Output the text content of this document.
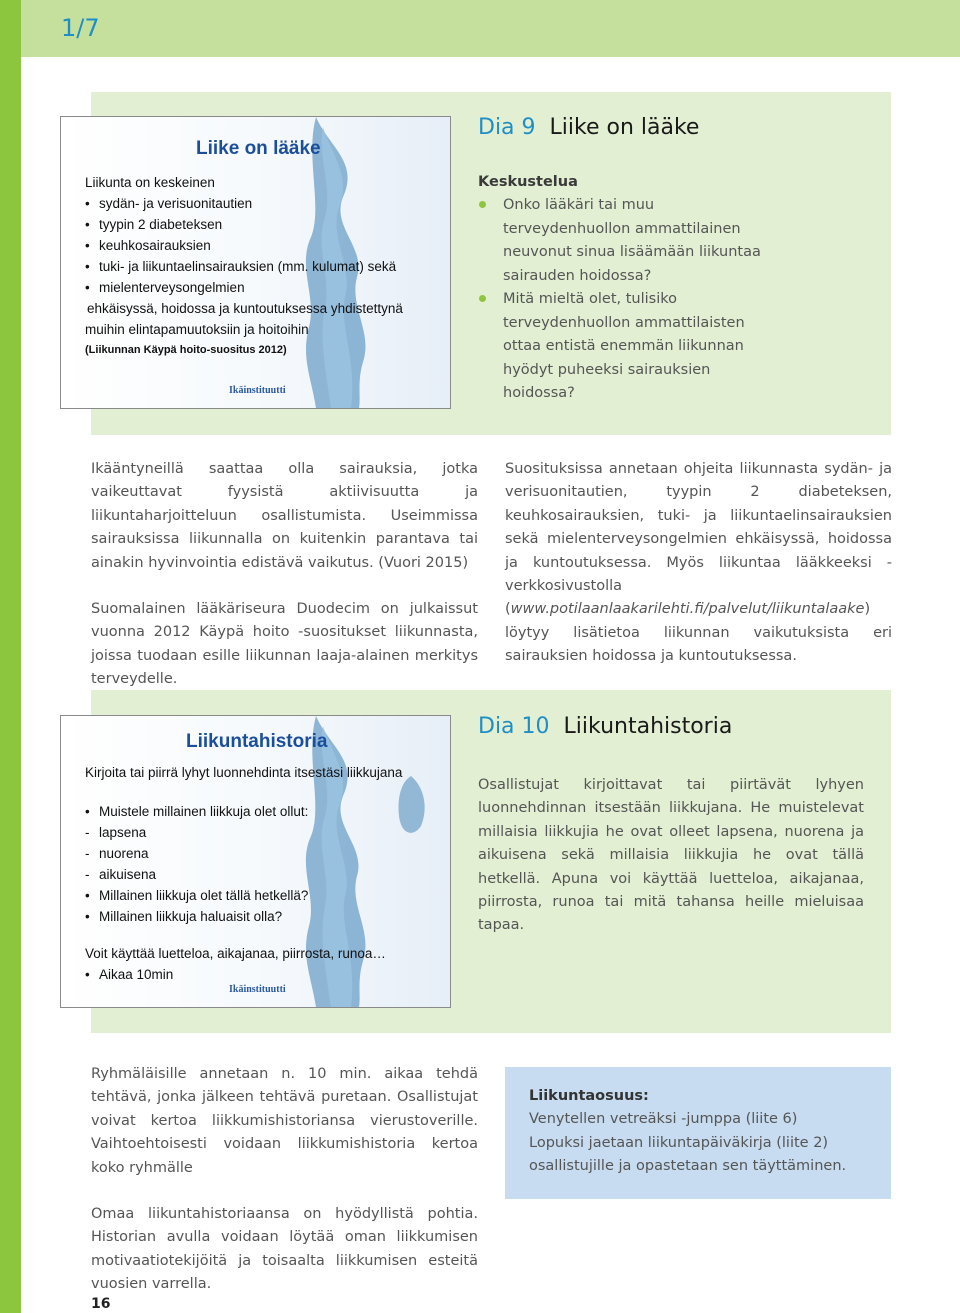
1/7
Liike on lääke
Liikunta on keskeinen
• sydän- ja verisuonitautien
• tyypin 2 diabeteksen
• keuhkosairauksien
• tuki- ja liikuntaelinsairauksien (mm. kulumat) sekä
• mielenterveysongelmien
ehkäisyssä, hoidossa ja kuntoutuksessa yhdistettynä
muihin elintapamuutoksiin ja hoitoihin
(Liikunnan Käypä hoito-suositus 2012)
Ikäinstituutti
Dia 9 Liike on lääke
Keskustelua
Onko lääkäri tai muu terveydenhuollon ammattilainen neuvonut sinua lisäämään liikuntaa sairauden hoidossa?
Mitä mieltä olet, tulisiko terveydenhuollon ammattilaisten ottaa entistä enemmän liikunnan hyödyt puheeksi sairauksien hoidossa?

Ikääntyneillä saattaa olla sairauksia, jotka vaikeuttavat fyysistä aktiivisuutta ja liikuntaharjoitteluun osallistumista. Useimmissa sairauksissa liikunnalla on kuitenkin parantava tai ainakin hyvinvointia edistävä vaikutus. (Vuori 2015)

Suomalainen lääkäriseura Duodecim on julkaissut vuonna 2012 Käypä hoito -suositukset liikunnasta, joissa tuodaan esille liikunnan laaja-alainen merkitys terveydelle.

Suosituksissa annetaan ohjeita liikunnasta sydän- ja verisuonitautien, tyypin 2 diabeteksen, keuhkosairauksien, tuki- ja liikuntaelinsairauksien sekä mielenterveysongelmien ehkäisyssä, hoidossa ja kuntoutuksessa. Myös liikuntaa lääkkeeksi -verkkosivustolla (www.potilaanlaakarilehti.fi/palvelut/liikuntalaake) löytyy lisätietoa liikunnan vaikutuksista eri sairauksien hoidossa ja kuntoutuksessa.

Liikuntahistoria
Kirjoita tai piirrä lyhyt luonnehdinta itsestäsi liikkujana
• Muistele millainen liikkuja olet ollut:
- lapsena
- nuorena
- aikuisena
• Millainen liikkuja olet tällä hetkellä?
• Millainen liikkuja haluaisit olla?
Voit käyttää luetteloa, aikajanaa, piirrosta, runoa…
• Aikaa 10min
Ikäinstituutti
Dia 10 Liikuntahistoria
Osallistujat kirjoittavat tai piirtävät lyhyen luonnehdinnan itsestään liikkujana. He muistelevat millaisia liikkujia he ovat olleet lapsena, nuorena ja aikuisena sekä millaisia liikkujia he ovat tällä hetkellä. Apuna voi käyttää luetteloa, aikajanaa, piirrosta, runoa tai mitä tahansa heille mieluisaa tapaa.

Ryhmäläisille annetaan n. 10 min. aikaa tehdä tehtävä, jonka jälkeen tehtävä puretaan. Osallistujat voivat kertoa liikkumishistoriansa vierustoverille. Vaihtoehtoisesti voidaan liikkumishistoria kertoa koko ryhmälle

Omaa liikuntahistoriaansa on hyödyllistä pohtia. Historian avulla voidaan löytää oman liikkumisen motivaatiotekijöitä ja toisaalta liikkumisen esteitä vuosien varrella.

Liikuntaosuus:
Venytellen vetreäksi -jumppa (liite 6)
Lopuksi jaetaan liikuntapäiväkirja (liite 2)
osallistujille ja opastetaan sen täyttäminen.
16
